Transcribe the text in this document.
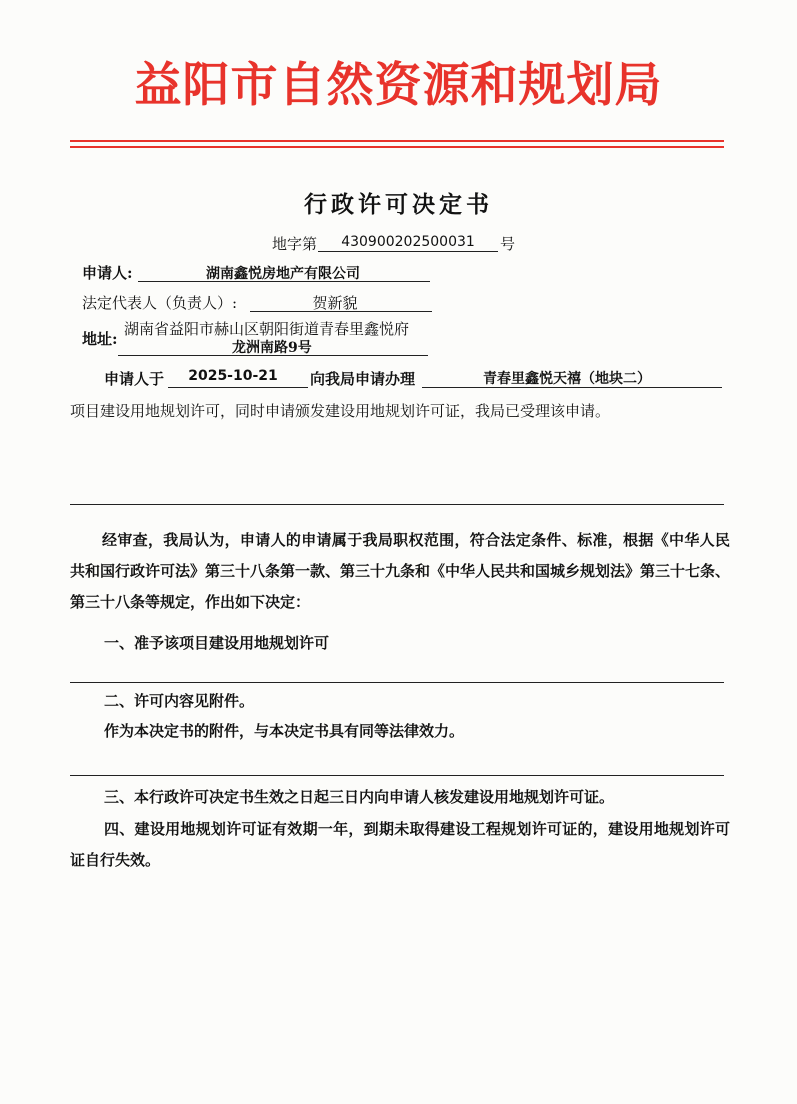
益阳市自然资源和规划局
行政许可决定书
地字第	430900202500031	号
申请人:	湖南鑫悦房地产有限公司
法定代表人（负责人）:	贺新貌
地址:
湖南省益阳市赫山区朝阳街道青春里鑫悦府
龙洲南路9号
申请人于	2025-10-21	向我局申请办理	青春里鑫悦天禧（地块二）
项目建设用地规划许可，同时申请颁发建设用地规划许可证，我局已受理该申请。
经审查，我局认为，申请人的申请属于我局职权范围，符合法定条件、标准，根据《中华人民共和国行政许可法》第三十八条第一款、第三十九条和《中华人民共和国城乡规划法》第三十七条、第三十八条等规定，作出如下决定：
一、准予该项目建设用地规划许可
二、许可内容见附件。
作为本决定书的附件，与本决定书具有同等法律效力。
三、本行政许可决定书生效之日起三日内向申请人核发建设用地规划许可证。
四、建设用地规划许可证有效期一年，到期未取得建设工程规划许可证的，建设用地规划许可证自行失效。
